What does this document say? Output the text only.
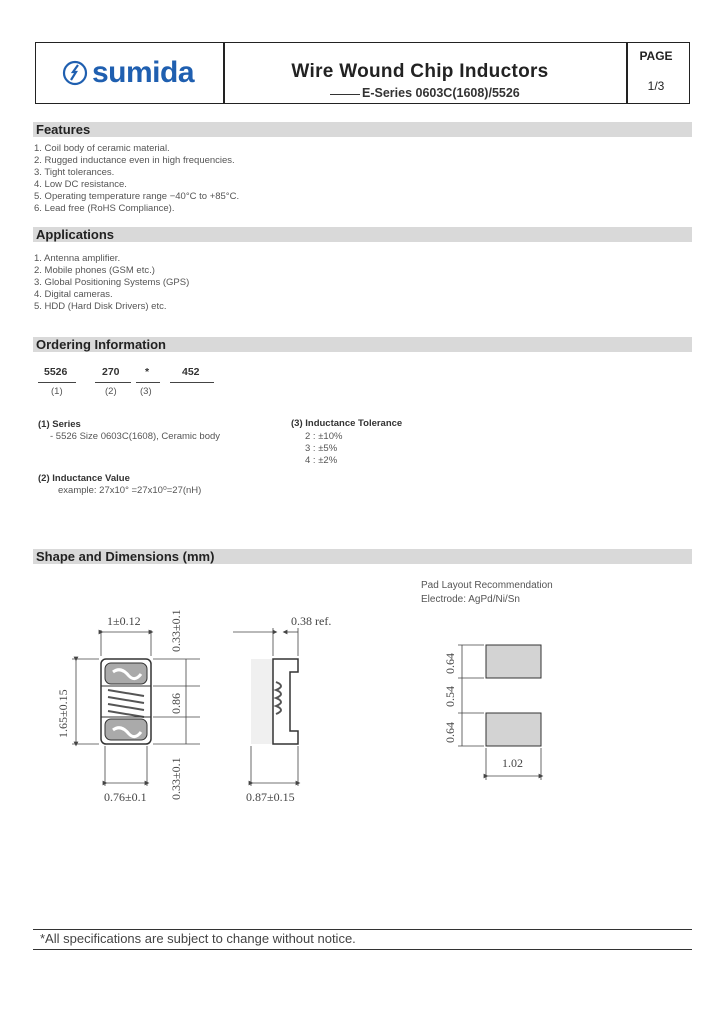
sumida	Wire Wound Chip Inductors
E-Series 0603C(1608)/5526
PAGE
1/3
Features
1. Coil body of ceramic material.
2. Rugged inductance even in high frequencies.
3. Tight tolerances.
4. Low DC resistance.
5. Operating temperature range −40°C to +85°C.
6. Lead free (RoHS Compliance).
Applications
1. Antenna amplifier.
2. Mobile phones (GSM etc.)
3. Global Positioning Systems (GPS)
4. Digital cameras.
5. HDD (Hard Disk Drivers) etc.
Ordering Information
5526	270 *	452
(1)	(2) (3)
(1) Series
- 5526 Size 0603C(1608), Ceramic body
(2) Inductance Value
example: 27x10° =27x10⁰=27(nH)
(3) Inductance Tolerance
2 : ±10%
3 : ±5%
4 : ±2%
Shape and Dimensions (mm)
Pad Layout Recommendation
Electrode: AgPd/Ni/Sn
1±0.12
1.65±0.15
0.76±0.1
0.33±0.1
0.86
0.33±0.1
0.38 ref.
0.87±0.15
0.64
0.54
0.64
1.02
*All specifications are subject to change without notice.
